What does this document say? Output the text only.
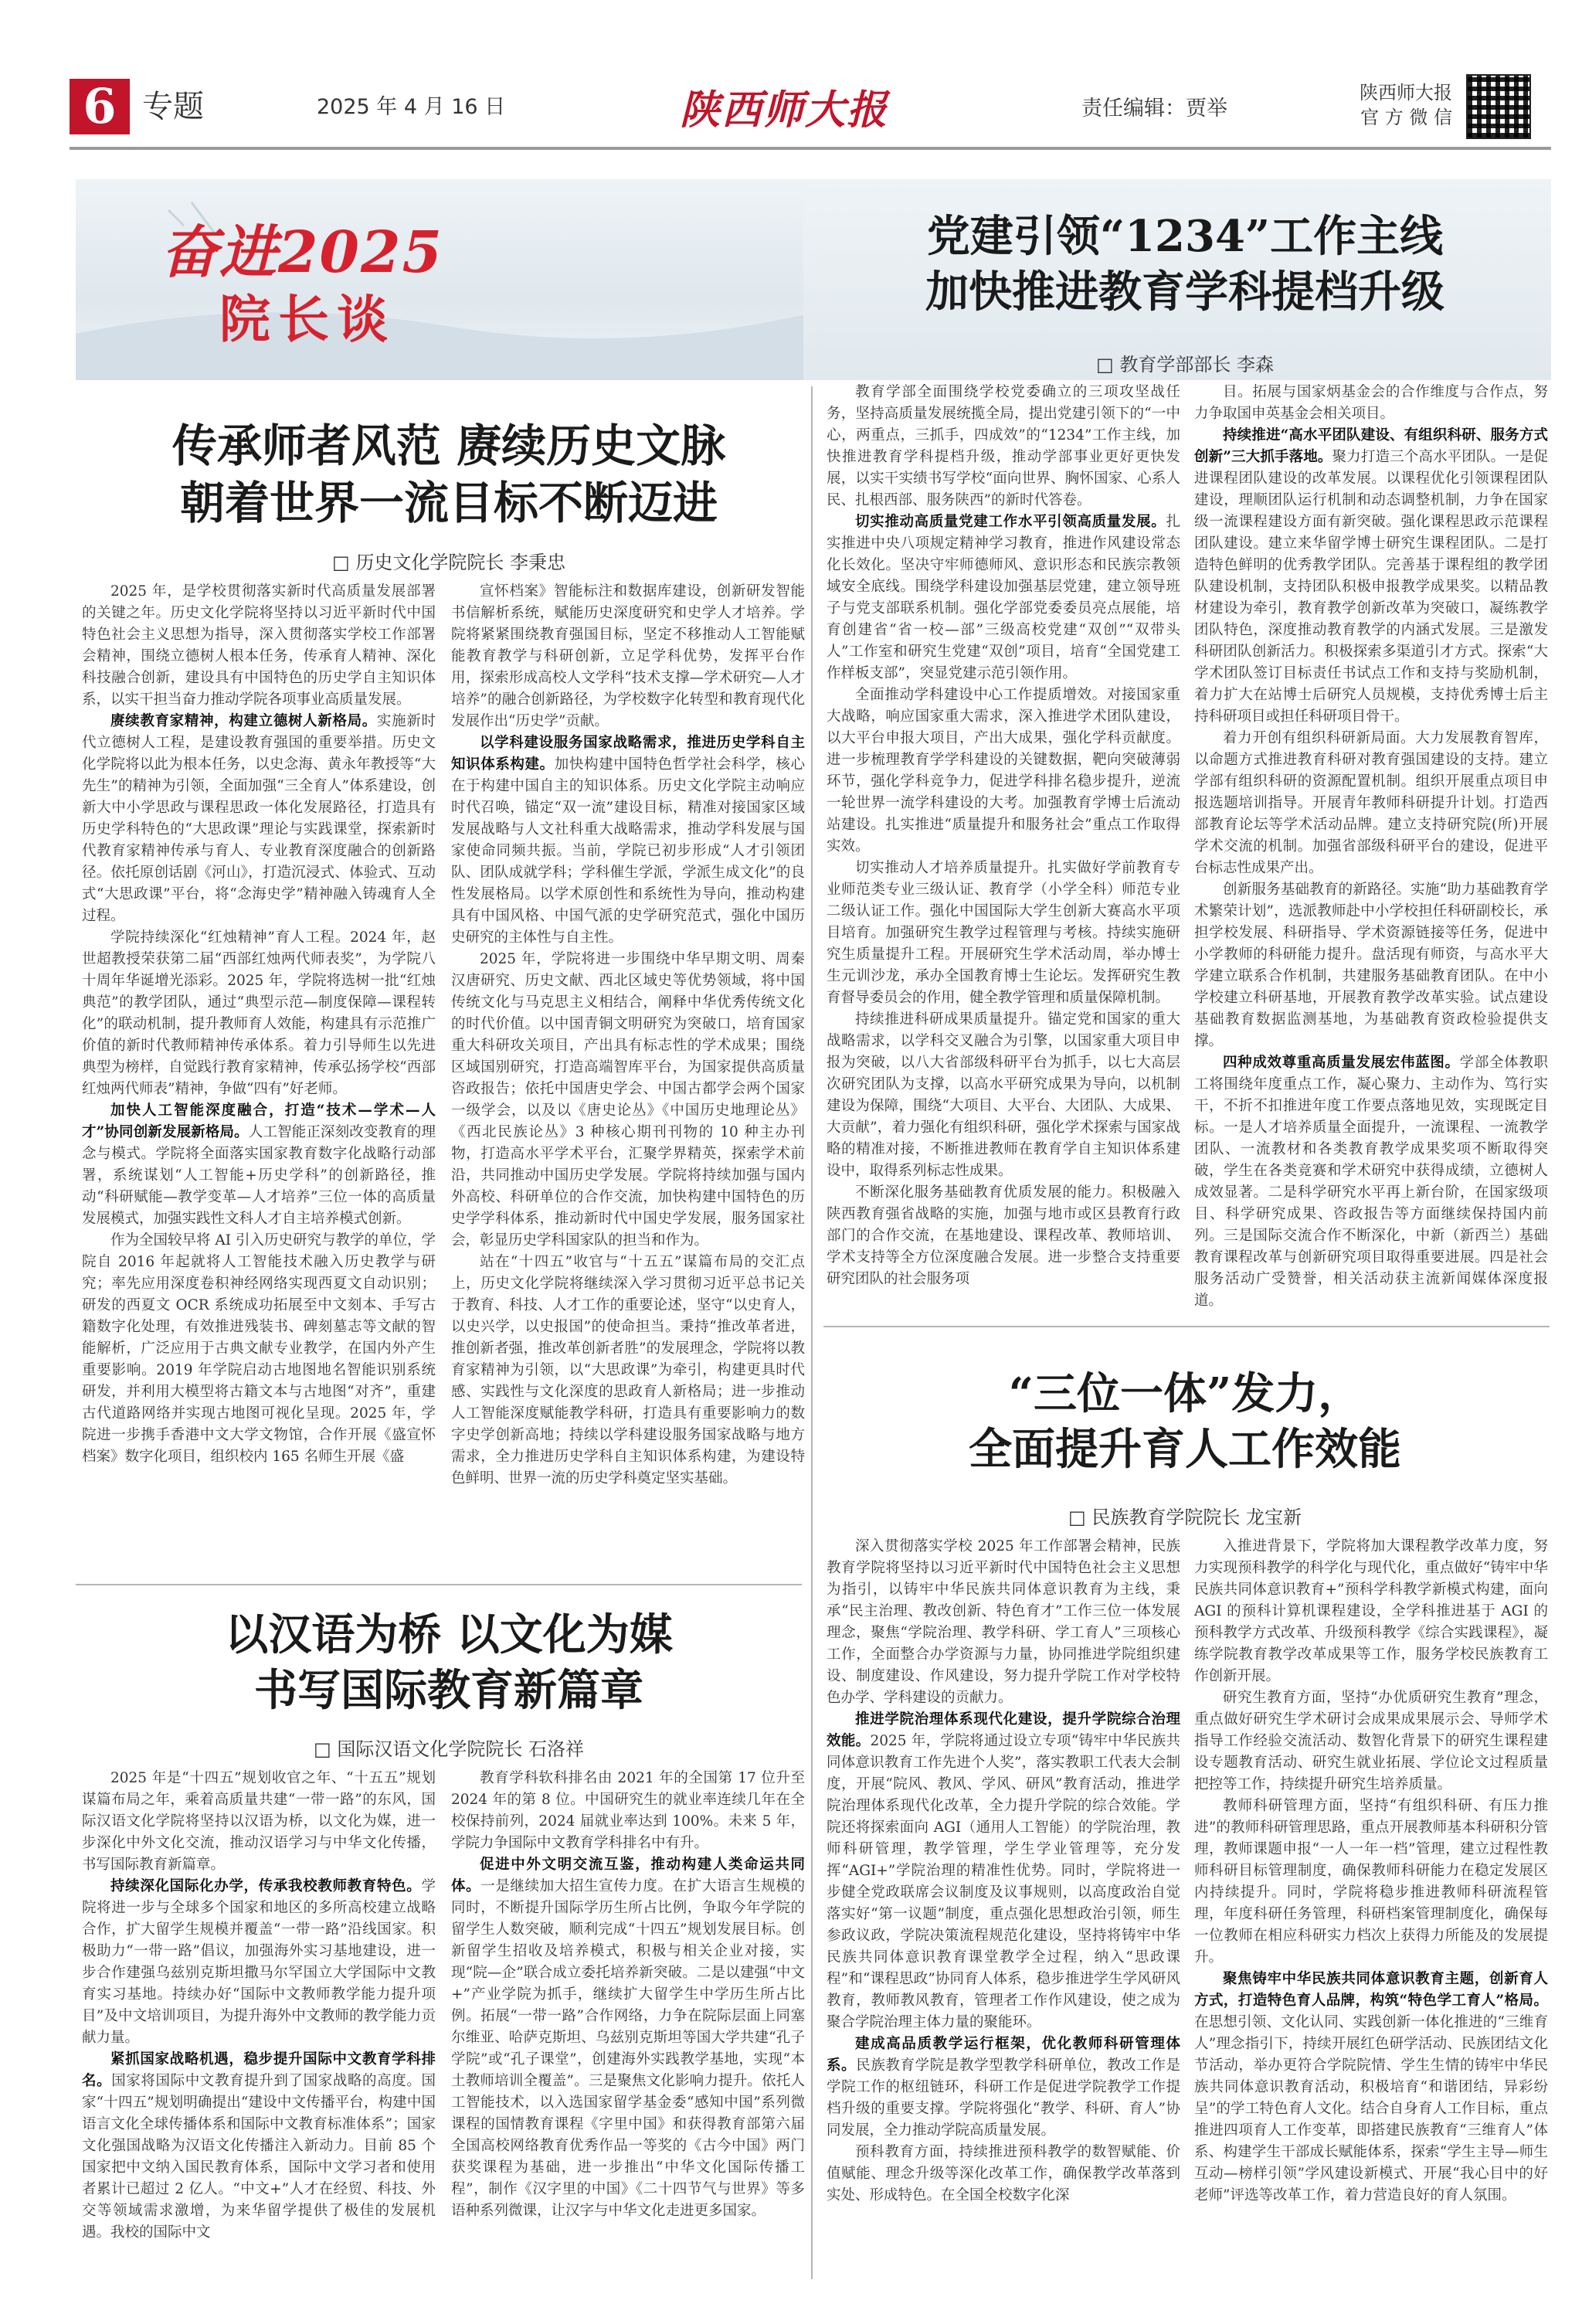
6 专题	2025 年 4 月 16 日	陕西师大报	责任编辑：贾举
陕西师大报
官 方 微 信
奋进2025
院长谈
传承师者风范 赓续历史文脉
朝着世界一流目标不断迈进
□ 历史文化学院院长 李秉忠

2025 年，是学校贯彻落实新时代高质量发展部署的关键之年。历史文化学院将坚持以习近平新时代中国特色社会主义思想为指导，深入贯彻落实学校工作部署会精神，围绕立德树人根本任务，传承育人精神、深化科技融合创新，建设具有中国特色的历史学自主知识体系，以实干担当奋力推动学院各项事业高质量发展。

赓续教育家精神，构建立德树人新格局。实施新时代立德树人工程，是建设教育强国的重要举措。历史文化学院将以此为根本任务，以史念海、黄永年教授等“大先生”的精神为引领，全面加强“三全育人”体系建设，创新大中小学思政与课程思政一体化发展路径，打造具有历史学科特色的“大思政课”理论与实践课堂，探索新时代教育家精神传承与育人、专业教育深度融合的创新路径。依托原创话剧《河山》，打造沉浸式、体验式、互动式“大思政课”平台，将“念海史学”精神融入铸魂育人全过程。

学院持续深化“红烛精神”育人工程。2024 年，赵世超教授荣获第二届“西部红烛两代师表奖”，为学院八十周年华诞增光添彩。2025 年，学院将选树一批“红烛典范”的教学团队，通过“典型示范—制度保障—课程转化”的联动机制，提升教师育人效能，构建具有示范推广价值的新时代教师精神传承体系。着力引导师生以先进典型为榜样，自觉践行教育家精神，传承弘扬学校“西部红烛两代师表”精神，争做“四有”好老师。

加快人工智能深度融合，打造“技术—学术—人才”协同创新发展新格局。人工智能正深刻改变教育的理念与模式。学院将全面落实国家教育数字化战略行动部署，系统谋划“人工智能+历史学科”的创新路径，推动“科研赋能—教学变革—人才培养”三位一体的高质量发展模式，加强实践性文科人才自主培养模式创新。

作为全国较早将 AI 引入历史研究与教学的单位，学院自 2016 年起就将人工智能技术融入历史教学与研究；率先应用深度卷积神经网络实现西夏文自动识别；研发的西夏文 OCR 系统成功拓展至中文刻本、手写古籍数字化处理，有效推进残装书、碑刻墓志等文献的智能解析，广泛应用于古典文献专业教学，在国内外产生重要影响。2019 年学院启动古地图地名智能识别系统研发，并利用大模型将古籍文本与古地图“对齐”，重建古代道路网络并实现古地图可视化呈现。2025 年，学院进一步携手香港中文大学文物馆，合作开展《盛宣怀档案》数字化项目，组织校内 165 名师生开展《盛

宣怀档案》智能标注和数据库建设，创新研发智能书信解析系统，赋能历史深度研究和史学人才培养。学院将紧紧围绕教育强国目标，坚定不移推动人工智能赋能教育教学与科研创新，立足学科优势，发挥平台作用，探索形成高校人文学科“技术支撑—学术研究—人才培养”的融合创新路径，为学校数字化转型和教育现代化发展作出“历史学”贡献。

以学科建设服务国家战略需求，推进历史学科自主知识体系构建。加快构建中国特色哲学社会科学，核心在于构建中国自主的知识体系。历史文化学院主动响应时代召唤，锚定“双一流”建设目标，精准对接国家区域发展战略与人文社科重大战略需求，推动学科发展与国家使命同频共振。当前，学院已初步形成“人才引领团队、团队成就学科；学科催生学派，学派生成文化”的良性发展格局。以学术原创性和系统性为导向，推动构建具有中国风格、中国气派的史学研究范式，强化中国历史研究的主体性与自主性。

2025 年，学院将进一步围绕中华早期文明、周秦汉唐研究、历史文献、西北区域史等优势领域，将中国传统文化与马克思主义相结合，阐释中华优秀传统文化的时代价值。以中国青铜文明研究为突破口，培育国家重大科研攻关项目，产出具有标志性的学术成果；围绕区域国别研究，打造高端智库平台，为国家提供高质量咨政报告；依托中国唐史学会、中国古都学会两个国家一级学会，以及以《唐史论丛》《中国历史地理论丛》《西北民族论丛》3 种核心期刊刊物的 10 种主办刊物，打造高水平学术平台，汇聚学界精英，探索学术前沿，共同推动中国历史学发展。学院将持续加强与国内外高校、科研单位的合作交流，加快构建中国特色的历史学学科体系，推动新时代中国史学发展，服务国家社会，彰显历史学科国家队的担当和作为。

站在“十四五”收官与“十五五”谋篇布局的交汇点上，历史文化学院将继续深入学习贯彻习近平总书记关于教育、科技、人才工作的重要论述，坚守“以史育人，以史兴学，以史报国”的使命担当。秉持“推改革者进，推创新者强，推改革创新者胜”的发展理念，学院将以教育家精神为引领，以“大思政课”为牵引，构建更具时代感、实践性与文化深度的思政育人新格局；进一步推动人工智能深度赋能教学科研，打造具有重要影响力的数字史学创新高地；持续以学科建设服务国家战略与地方需求，全力推进历史学科自主知识体系构建，为建设特色鲜明、世界一流的历史学科奠定坚实基础。

以汉语为桥 以文化为媒
书写国际教育新篇章
□ 国际汉语文化学院院长 石洛祥

2025 年是“十四五”规划收官之年、“十五五”规划谋篇布局之年，乘着高质量共建“一带一路”的东风，国际汉语文化学院将坚持以汉语为桥，以文化为媒，进一步深化中外文化交流，推动汉语学习与中华文化传播，书写国际教育新篇章。

持续深化国际化办学，传承我校教师教育特色。学院将进一步与全球多个国家和地区的多所高校建立战略合作，扩大留学生规模并覆盖“一带一路”沿线国家。积极助力“一带一路”倡议，加强海外实习基地建设，进一步合作建强乌兹别克斯坦撒马尔罕国立大学国际中文教育实习基地。持续办好“国际中文教师教学能力提升项目”及中文培训项目，为提升海外中文教师的教学能力贡献力量。

紧抓国家战略机遇，稳步提升国际中文教育学科排名。国家将国际中文教育提升到了国家战略的高度。国家“十四五”规划明确提出“建设中文传播平台，构建中国语言文化全球传播体系和国际中文教育标准体系”；国家文化强国战略为汉语文化传播注入新动力。目前 85 个国家把中文纳入国民教育体系，国际中文学习者和使用者累计已超过 2 亿人。“中文+”人才在经贸、科技、外交等领域需求激增，为来华留学提供了极佳的发展机遇。我校的国际中文

教育学科软科排名由 2021 年的全国第 17 位升至 2024 年的第 8 位。中国研究生的就业率连续几年在全校保持前列，2024 届就业率达到 100%。未来 5 年，学院力争国际中文教育学科排名中有升。

促进中外文明交流互鉴，推动构建人类命运共同体。一是继续加大招生宣传力度。在扩大语言生规模的同时，不断提升国际学历生所占比例，争取今年学院的留学生人数突破，顺利完成“十四五”规划发展目标。创新留学生招收及培养模式，积极与相关企业对接，实现“院—企”联合成立委托培养新突破。二是以建强“中文+”产业学院为抓手，继续扩大留学生中学历生所占比例。拓展“一带一路”合作网络，力争在院际层面上同塞尔维亚、哈萨克斯坦、乌兹别克斯坦等国大学共建“孔子学院”或“孔子课堂”，创建海外实践教学基地，实现“本土教师培训全覆盖”。三是聚焦文化影响力提升。依托人工智能技术，以入选国家留学基金委“感知中国”系列微课程的国情教育课程《字里中国》和获得教育部第六届全国高校网络教育优秀作品一等奖的《古今中国》两门获奖课程为基础，进一步推出“中华文化国际传播工程”，制作《汉字里的中国》《二十四节气与世界》等多语种系列微课，让汉字与中华文化走进更多国家。

党建引领“1234”工作主线
加快推进教育学科提档升级
□ 教育学部部长 李森

教育学部全面围绕学校党委确立的三项攻坚战任务，坚持高质量发展统揽全局，提出党建引领下的“一中心，两重点，三抓手，四成效”的“1234”工作主线，加快推进教育学科提档升级，推动学部事业更好更快发展，以实干实绩书写学校“面向世界、胸怀国家、心系人民、扎根西部、服务陕西”的新时代答卷。

切实推动高质量党建工作水平引领高质量发展。扎实推进中央八项规定精神学习教育，推进作风建设常态化长效化。坚决守牢师德师风、意识形态和民族宗教领域安全底线。围绕学科建设加强基层党建，建立领导班子与党支部联系机制。强化学部党委委员亮点展能，培育创建省“省一校—部”三级高校党建“双创”“双带头人”工作室和研究生党建“双创”项目，培育“全国党建工作样板支部”，突显党建示范引领作用。

全面推动学科建设中心工作提质增效。对接国家重大战略，响应国家重大需求，深入推进学术团队建设，以大平台申报大项目，产出大成果，强化学科贡献度。进一步梳理教育学学科建设的关键数据，靶向突破薄弱环节，强化学科竞争力，促进学科排名稳步提升，逆流一轮世界一流学科建设的大考。加强教育学博士后流动站建设。扎实推进“质量提升和服务社会”重点工作取得实效。

切实推动人才培养质量提升。扎实做好学前教育专业师范类专业三级认证、教育学（小学全科）师范专业二级认证工作。强化中国国际大学生创新大赛高水平项目培育。加强研究生教学过程管理与考核。持续实施研究生质量提升工程。开展研究生学术活动周，举办博士生元训沙龙，承办全国教育博士生论坛。发挥研究生教育督导委员会的作用，健全教学管理和质量保障机制。

持续推进科研成果质量提升。锚定党和国家的重大战略需求，以学科交叉融合为引擎，以国家重大项目申报为突破，以八大省部级科研平台为抓手，以七大高层次研究团队为支撑，以高水平研究成果为导向，以机制建设为保障，围绕“大项目、大平台、大团队、大成果、大贡献”，着力强化有组织科研，强化学术探索与国家战略的精准对接，不断推进教师在教育学自主知识体系建设中，取得系列标志性成果。

不断深化服务基础教育优质发展的能力。积极融入陕西教育强省战略的实施，加强与地市或区县教育行政部门的合作交流，在基地建设、课程改革、教师培训、学术支持等全方位深度融合发展。进一步整合支持重要研究团队的社会服务项

目。拓展与国家炳基金会的合作维度与合作点，努力争取国申英基金会相关项目。

持续推进“高水平团队建设、有组织科研、服务方式创新”三大抓手落地。聚力打造三个高水平团队。一是促进课程团队建设的改革发展。以课程优化引领课程团队建设，理顺团队运行机制和动态调整机制，力争在国家级一流课程建设方面有新突破。强化课程思政示范课程团队建设。建立来华留学博士研究生课程团队。二是打造特色鲜明的优秀教学团队。完善基于课程组的教学团队建设机制，支持团队积极申报教学成果奖。以精品教材建设为牵引，教育教学创新改革为突破口，凝练教学团队特色，深度推动教育教学的内涵式发展。三是激发科研团队创新活力。积极探索多渠道引才方式。探索“大学术团队签订目标责任书试点工作和支持与奖励机制，着力扩大在站博士后研究人员规模，支持优秀博士后主持科研项目或担任科研项目骨干。

着力开创有组织科研新局面。大力发展教育智库，以命题方式推进教育科研对教育强国建设的支持。建立学部有组织科研的资源配置机制。组织开展重点项目申报选题培训指导。开展青年教师科研提升计划。打造西部教育论坛等学术活动品牌。建立支持研究院(所)开展学术交流的机制。加强省部级科研平台的建设，促进平台标志性成果产出。

创新服务基础教育的新路径。实施“助力基础教育学术繁荣计划”，选派教师赴中小学校担任科研副校长，承担学校发展、科研指导、学术资源链接等任务，促进中小学教师的科研能力提升。盘活现有师资，与高水平大学建立联系合作机制，共建服务基础教育团队。在中小学校建立科研基地，开展教育教学改革实验。试点建设基础教育数据监测基地，为基础教育资政检验提供支撑。

四种成效尊重高质量发展宏伟蓝图。学部全体教职工将围绕年度重点工作，凝心聚力、主动作为、笃行实干，不折不扣推进年度工作要点落地见效，实现既定目标。一是人才培养质量全面提升，一流课程、一流教学团队、一流教材和各类教育教学成果奖项不断取得突破，学生在各类竞赛和学术研究中获得成绩，立德树人成效显著。二是科学研究水平再上新台阶，在国家级项目、科学研究成果、咨政报告等方面继续保持国内前列。三是国际交流合作不断深化，中新（新西兰）基础教育课程改革与创新研究项目取得重要进展。四是社会服务活动广受赞誉，相关活动获主流新闻媒体深度报道。

“三位一体”发力，
全面提升育人工作效能
□ 民族教育学院院长 龙宝新

深入贯彻落实学校 2025 年工作部署会精神，民族教育学院将坚持以习近平新时代中国特色社会主义思想为指引，以铸牢中华民族共同体意识教育为主线，秉承“民主治理、教改创新、特色育才”工作三位一体发展理念，聚焦“学院治理、教学科研、学工育人”三项核心工作，全面整合办学资源与力量，协同推进学院组织建设、制度建设、作风建设，努力提升学院工作对学校特色办学、学科建设的贡献力。

推进学院治理体系现代化建设，提升学院综合治理效能。2025 年，学院将通过设立专项“铸牢中华民族共同体意识教育工作先进个人奖”，落实教职工代表大会制度，开展“院风、教风、学风、研风”教育活动，推进学院治理体系现代化改革，全力提升学院的综合效能。学院还将探索面向 AGI（通用人工智能）的学院治理，教师科研管理，教学管理，学生学业管理等，充分发挥“AGI+”学院治理的精准性优势。同时，学院将进一步健全党政联席会议制度及议事规则，以高度政治自觉落实好“第一议题”制度，重点强化思想政治引领，师生参政议政，学院决策流程规范化建设，坚持将铸牢中华民族共同体意识教育课堂教学全过程，纳入“思政课程”和“课程思政”协同育人体系，稳步推进学生学风研风教育，教师教风教育，管理者工作作风建设，使之成为聚合学院治理主体力量的聚能环。

建成高品质教学运行框架，优化教师科研管理体系。民族教育学院是教学型教学科研单位，教改工作是学院工作的枢纽链环，科研工作是促进学院教学工作提档升级的重要支撑。学院将强化“教学、科研、育人”协同发展，全力推动学院高质量发展。

预科教育方面，持续推进预科教学的数智赋能、价值赋能、理念升级等深化改革工作，确保教学改革落到实处、形成特色。在全国全校数字化深

入推进背景下，学院将加大课程教学改革力度，努力实现预科教学的科学化与现代化，重点做好“铸牢中华民族共同体意识教育+”预科学科教学新模式构建，面向 AGI 的预科计算机课程建设，全学科推进基于 AGI 的预科教学方式改革、升级预科教学《综合实践课程》，凝练学院教育教学改革成果等工作，服务学校民族教育工作创新开展。

研究生教育方面，坚持“办优质研究生教育”理念，重点做好研究生学术研讨会成果成果展示会、导师学术指导工作经验交流活动、数智化背景下的研究生课程建设专题教育活动、研究生就业拓展、学位论文过程质量把控等工作，持续提升研究生培养质量。

教师科研管理方面，坚持“有组织科研、有压力推进”的教师科研管理思路，重点开展教师基本科研积分管理，教师课题申报“一人一年一档”管理，建立过程性教师科研目标管理制度，确保教师科研能力在稳定发展区内持续提升。同时，学院将稳步推进教师科研流程管理，年度科研任务管理，科研档案管理制度化，确保每一位教师在相应科研实力档次上获得力所能及的发展提升。

聚焦铸牢中华民族共同体意识教育主题，创新育人方式，打造特色育人品牌，构筑“特色学工育人”格局。在思想引领、文化认同、实践创新一体化推进的“三维育人”理念指引下，持续开展红色研学活动、民族团结文化节活动，举办更符合学院院情、学生生情的铸牢中华民族共同体意识教育活动，积极培育“和谐团结，异彩纷呈”的学工特色育人文化。结合自身育人工作目标，重点推进四项育人工作变革，即搭建民族教育“三维育人”体系、构建学生干部成长赋能体系，探索“学生主导—师生互动—榜样引领”学风建设新模式、开展“我心目中的好老师”评选等改革工作，着力营造良好的育人氛围。
